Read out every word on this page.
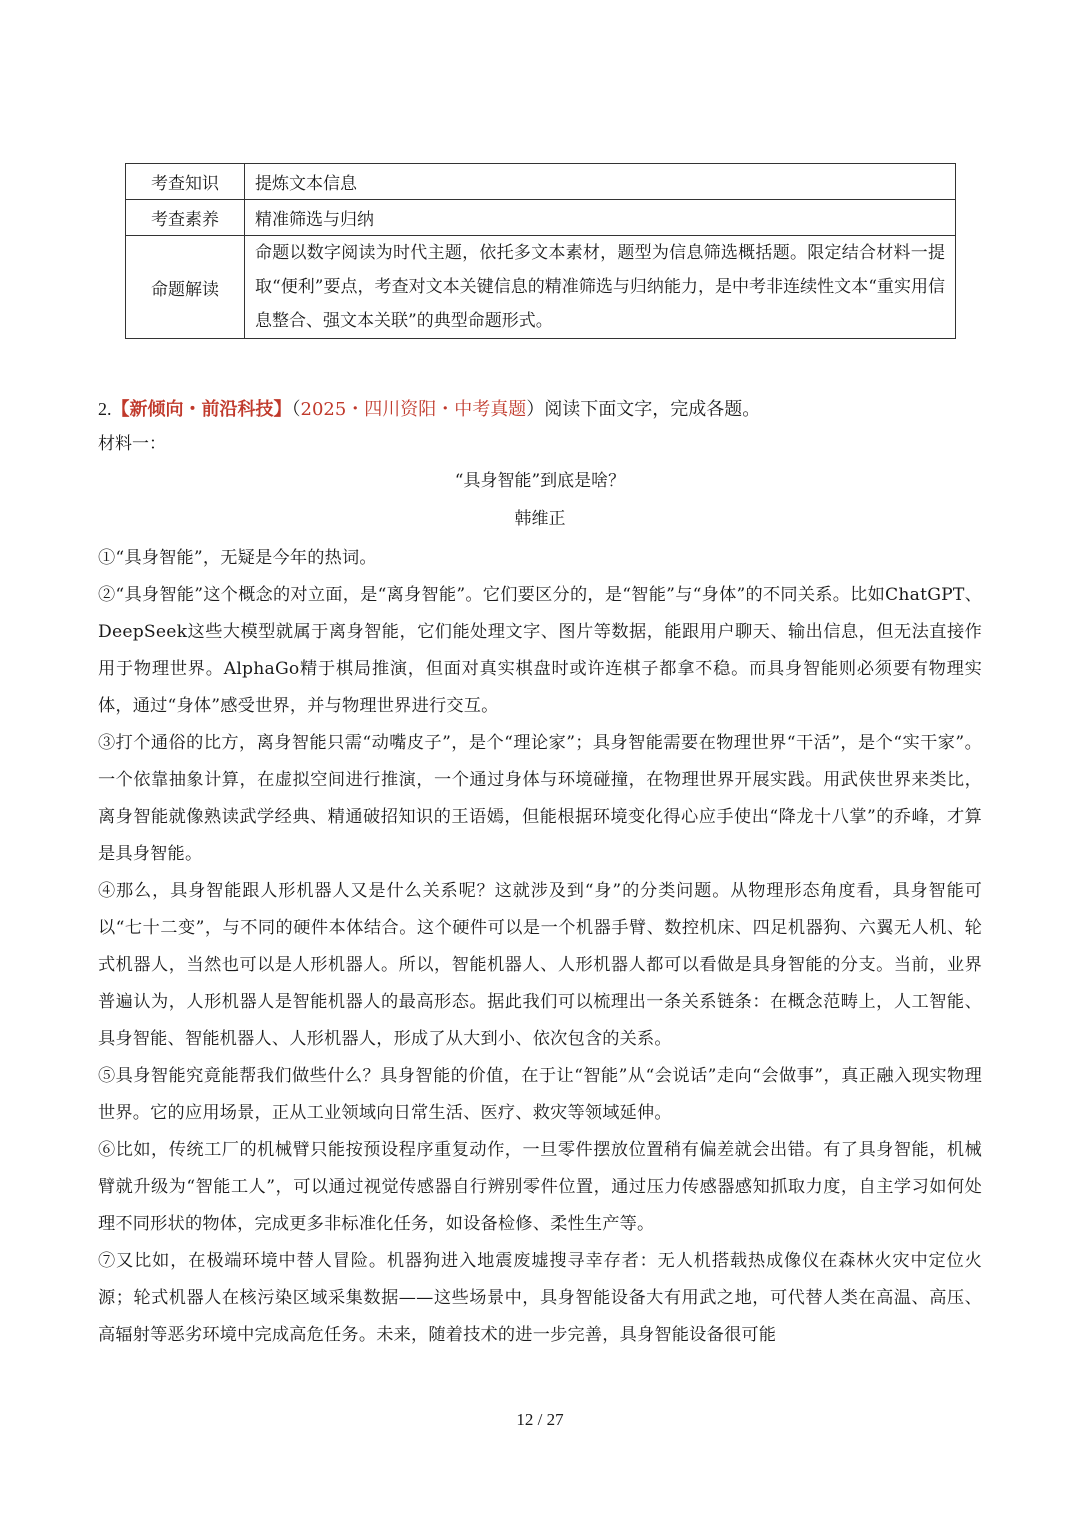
考查知识	提炼文本信息
考查素养	精准筛选与归纳
命题解读	命题以数字阅读为时代主题，依托多文本素材，题型为信息筛选概括题。限定结合材料一提取“便利”要点，考查对文本关键信息的精准筛选与归纳能力，是中考非连续性文本“重实用信息整合、强文本关联”的典型命题形式。
2.【新倾向・前沿科技】（2025・四川资阳・中考真题）阅读下面文字，完成各题。
材料一：
“具身智能”到底是啥？
韩维正

①“具身智能”，无疑是今年的热词。

②“具身智能”这个概念的对立面，是“离身智能”。它们要区分的，是“智能”与“身体”的不同关系。比如ChatGPT、DeepSeek这些大模型就属于离身智能，它们能处理文字、图片等数据，能跟用户聊天、输出信息，但无法直接作用于物理世界。AlphaGo精于棋局推演，但面对真实棋盘时或许连棋子都拿不稳。而具身智能则必须要有物理实体，通过“身体”感受世界，并与物理世界进行交互。

③打个通俗的比方，离身智能只需“动嘴皮子”，是个“理论家”；具身智能需要在物理世界“干活”，是个“实干家”。一个依靠抽象计算，在虚拟空间进行推演，一个通过身体与环境碰撞，在物理世界开展实践。用武侠世界来类比，离身智能就像熟读武学经典、精通破招知识的王语嫣，但能根据环境变化得心应手使出“降龙十八掌”的乔峰，才算是具身智能。

④那么，具身智能跟人形机器人又是什么关系呢？这就涉及到“身”的分类问题。从物理形态角度看，具身智能可以“七十二变”，与不同的硬件本体结合。这个硬件可以是一个机器手臂、数控机床、四足机器狗、六翼无人机、轮式机器人，当然也可以是人形机器人。所以，智能机器人、人形机器人都可以看做是具身智能的分支。当前，业界普遍认为，人形机器人是智能机器人的最高形态。据此我们可以梳理出一条关系链条：在概念范畴上，人工智能、具身智能、智能机器人、人形机器人，形成了从大到小、依次包含的关系。

⑤具身智能究竟能帮我们做些什么？具身智能的价值，在于让“智能”从“会说话”走向“会做事”，真正融入现实物理世界。它的应用场景，正从工业领域向日常生活、医疗、救灾等领域延伸。

⑥比如，传统工厂的机械臂只能按预设程序重复动作，一旦零件摆放位置稍有偏差就会出错。有了具身智能，机械臂就升级为“智能工人”，可以通过视觉传感器自行辨别零件位置，通过压力传感器感知抓取力度，自主学习如何处理不同形状的物体，完成更多非标准化任务，如设备检修、柔性生产等。

⑦又比如，在极端环境中替人冒险。机器狗进入地震废墟搜寻幸存者：无人机搭载热成像仪在森林火灾中定位火源；轮式机器人在核污染区域采集数据——这些场景中，具身智能设备大有用武之地，可代替人类在高温、高压、高辐射等恶劣环境中完成高危任务。未来，随着技术的进一步完善，具身智能设备很可能

12 / 27
